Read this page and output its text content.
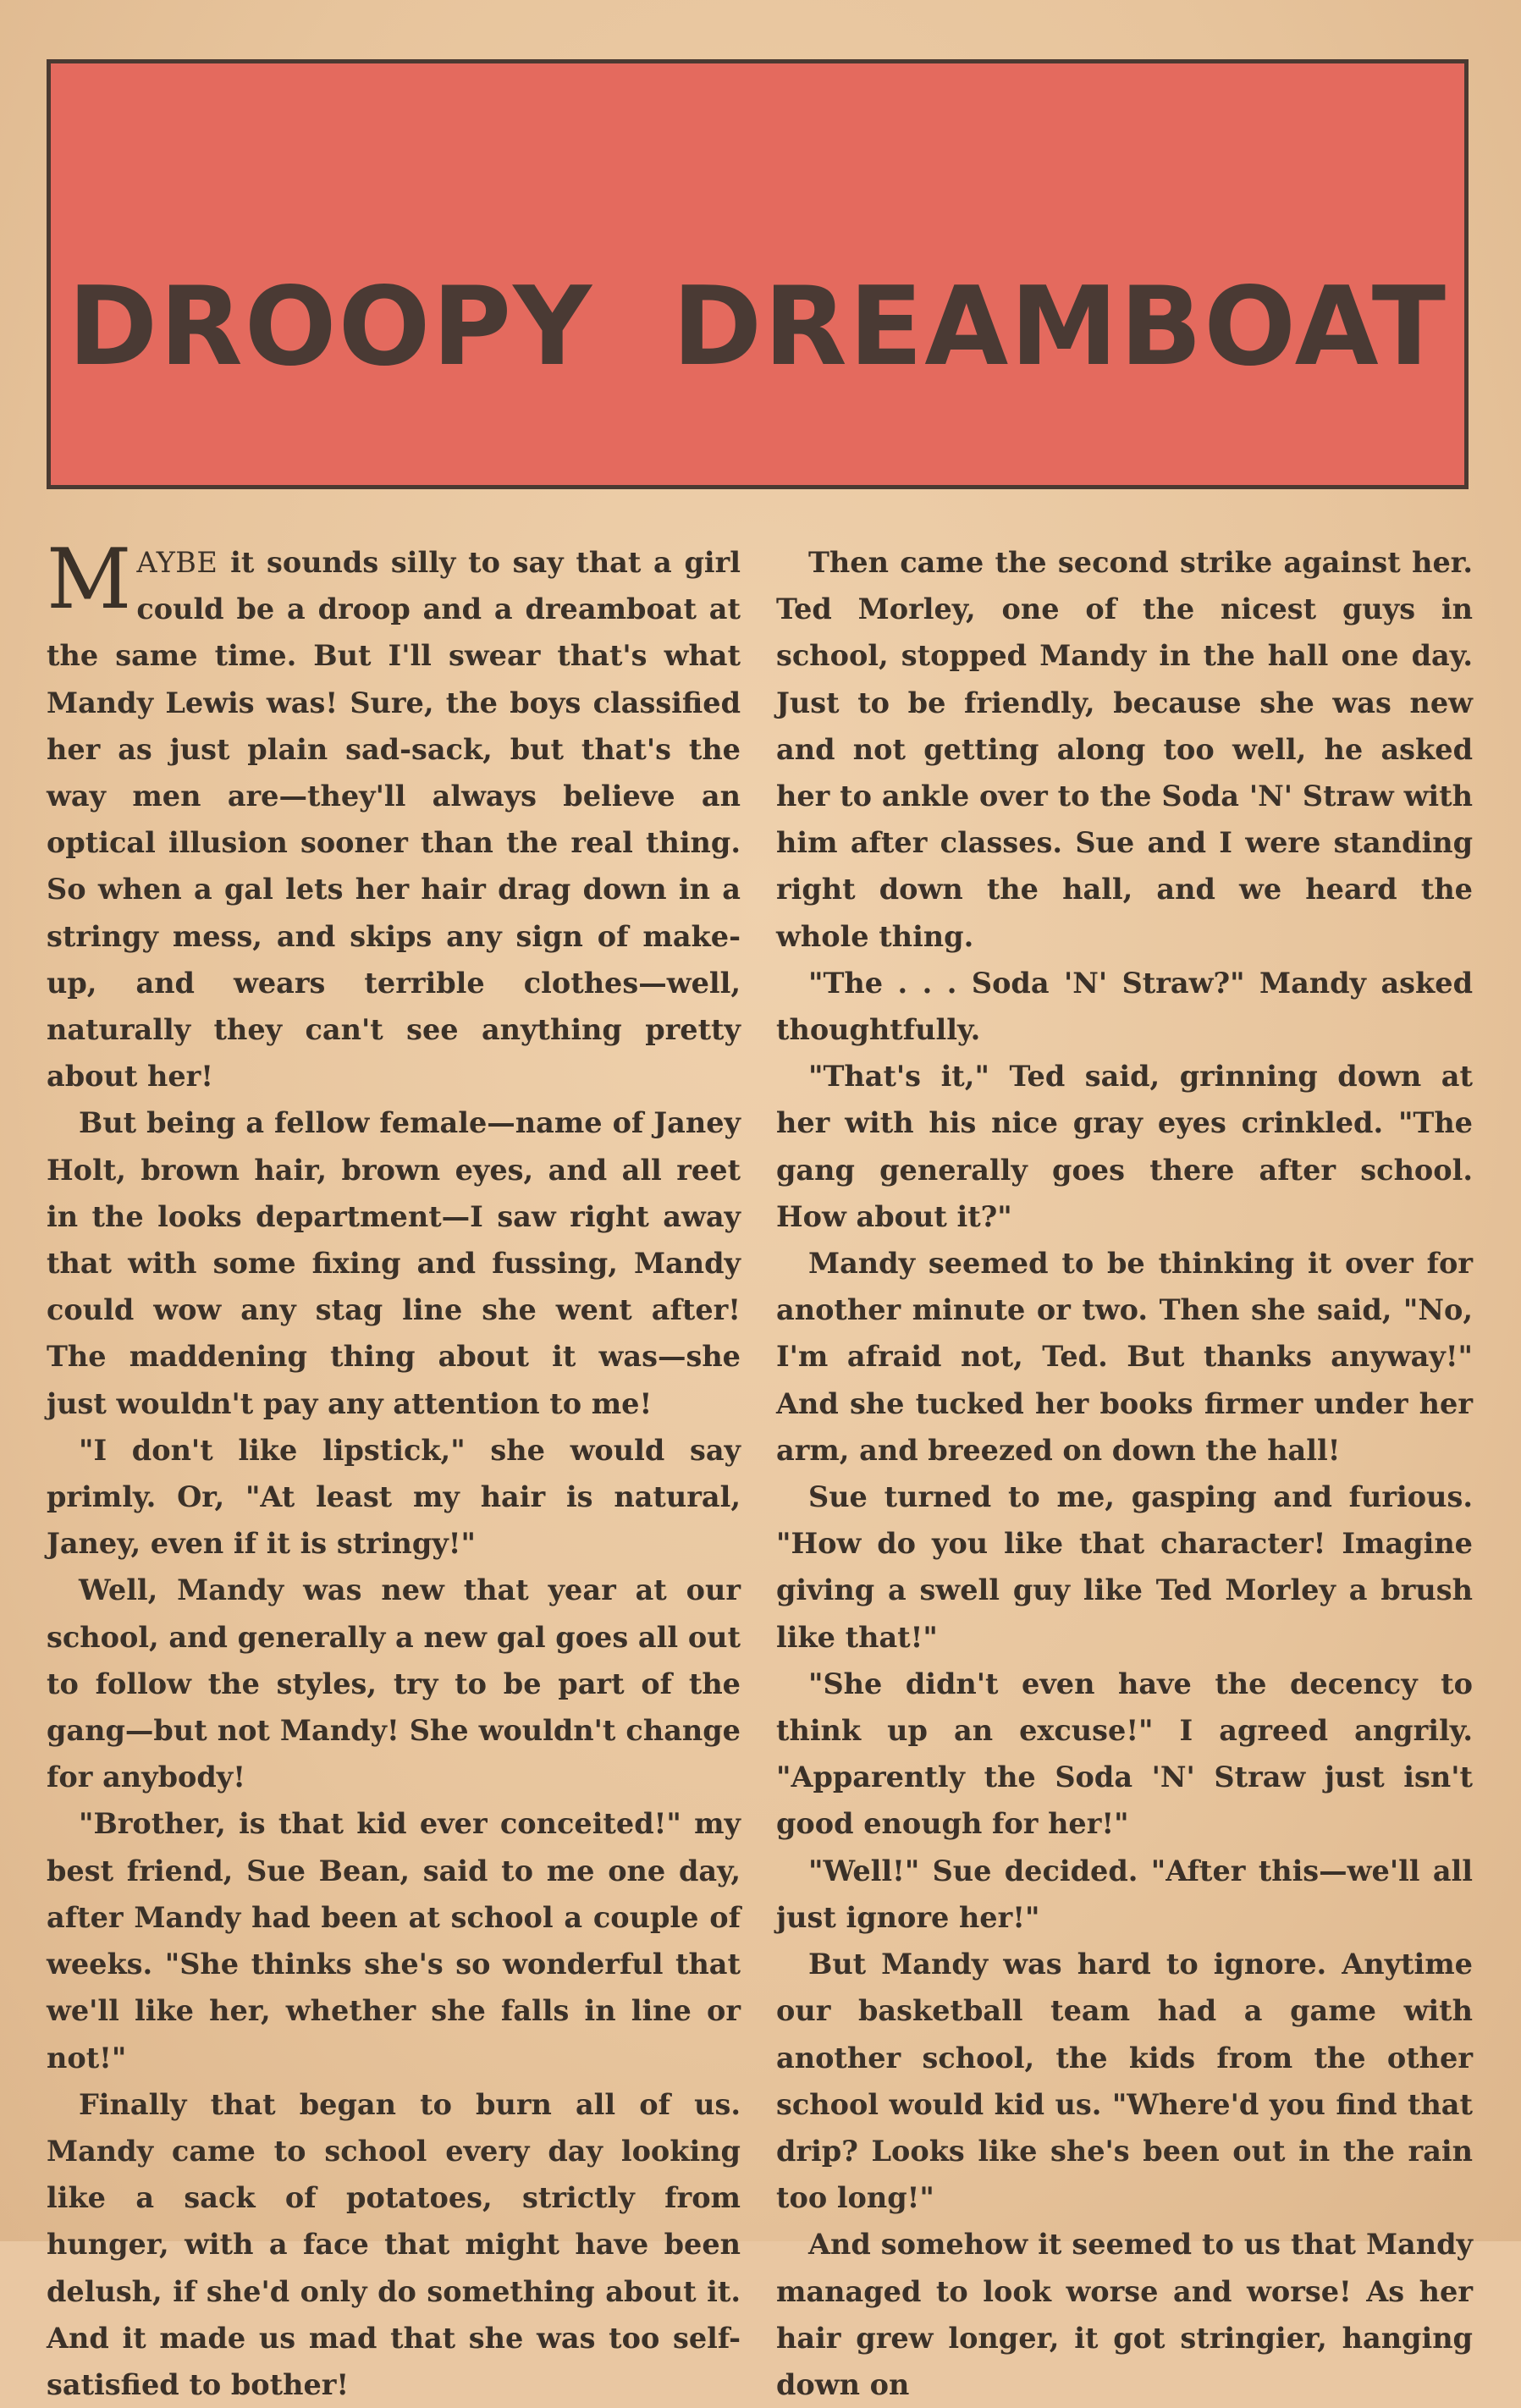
DROOPY  DREAMBOAT

MAYBE it sounds silly to say that a girl could be a droop and a dreamboat at the same time. But I'll swear that's what Mandy Lewis was! Sure, the boys classified her as just plain sad-sack, but that's the way men are—they'll always believe an optical illusion sooner than the real thing. So when a gal lets her hair drag down in a stringy mess, and skips any sign of make-up, and wears terrible clothes—well, naturally they can't see anything pretty about her!

But being a fellow female—name of Janey Holt, brown hair, brown eyes, and all reet in the looks department—I saw right away that with some fixing and fussing, Mandy could wow any stag line she went after! The maddening thing about it was—she just wouldn't pay any attention to me!

"I don't like lipstick," she would say primly. Or, "At least my hair is natural, Janey, even if it is stringy!"

Well, Mandy was new that year at our school, and generally a new gal goes all out to follow the styles, try to be part of the gang—but not Mandy! She wouldn't change for anybody!

"Brother, is that kid ever conceited!" my best friend, Sue Bean, said to me one day, after Mandy had been at school a couple of weeks. "She thinks she's so wonderful that we'll like her, whether she falls in line or not!"

Finally that began to burn all of us. Mandy came to school every day looking like a sack of potatoes, strictly from hunger, with a face that might have been delush, if she'd only do something about it. And it made us mad that she was too self-satisfied to bother!

Then came the second strike against her. Ted Morley, one of the nicest guys in school, stopped Mandy in the hall one day. Just to be friendly, because she was new and not getting along too well, he asked her to ankle over to the Soda 'N' Straw with him after classes. Sue and I were standing right down the hall, and we heard the whole thing.

"The . . . Soda 'N' Straw?" Mandy asked thoughtfully.

"That's it," Ted said, grinning down at her with his nice gray eyes crinkled. "The gang generally goes there after school. How about it?"

Mandy seemed to be thinking it over for another minute or two. Then she said, "No, I'm afraid not, Ted. But thanks anyway!" And she tucked her books firmer under her arm, and breezed on down the hall!

Sue turned to me, gasping and furious. "How do you like that character! Imagine giving a swell guy like Ted Morley a brush like that!"

"She didn't even have the decency to think up an excuse!" I agreed angrily. "Apparently the Soda 'N' Straw just isn't good enough for her!"

"Well!" Sue decided. "After this—we'll all just ignore her!"

But Mandy was hard to ignore. Anytime our basketball team had a game with another school, the kids from the other school would kid us. "Where'd you find that drip? Looks like she's been out in the rain too long!"

And somehow it seemed to us that Mandy managed to look worse and worse! As her hair grew longer, it got stringier, hanging down on
